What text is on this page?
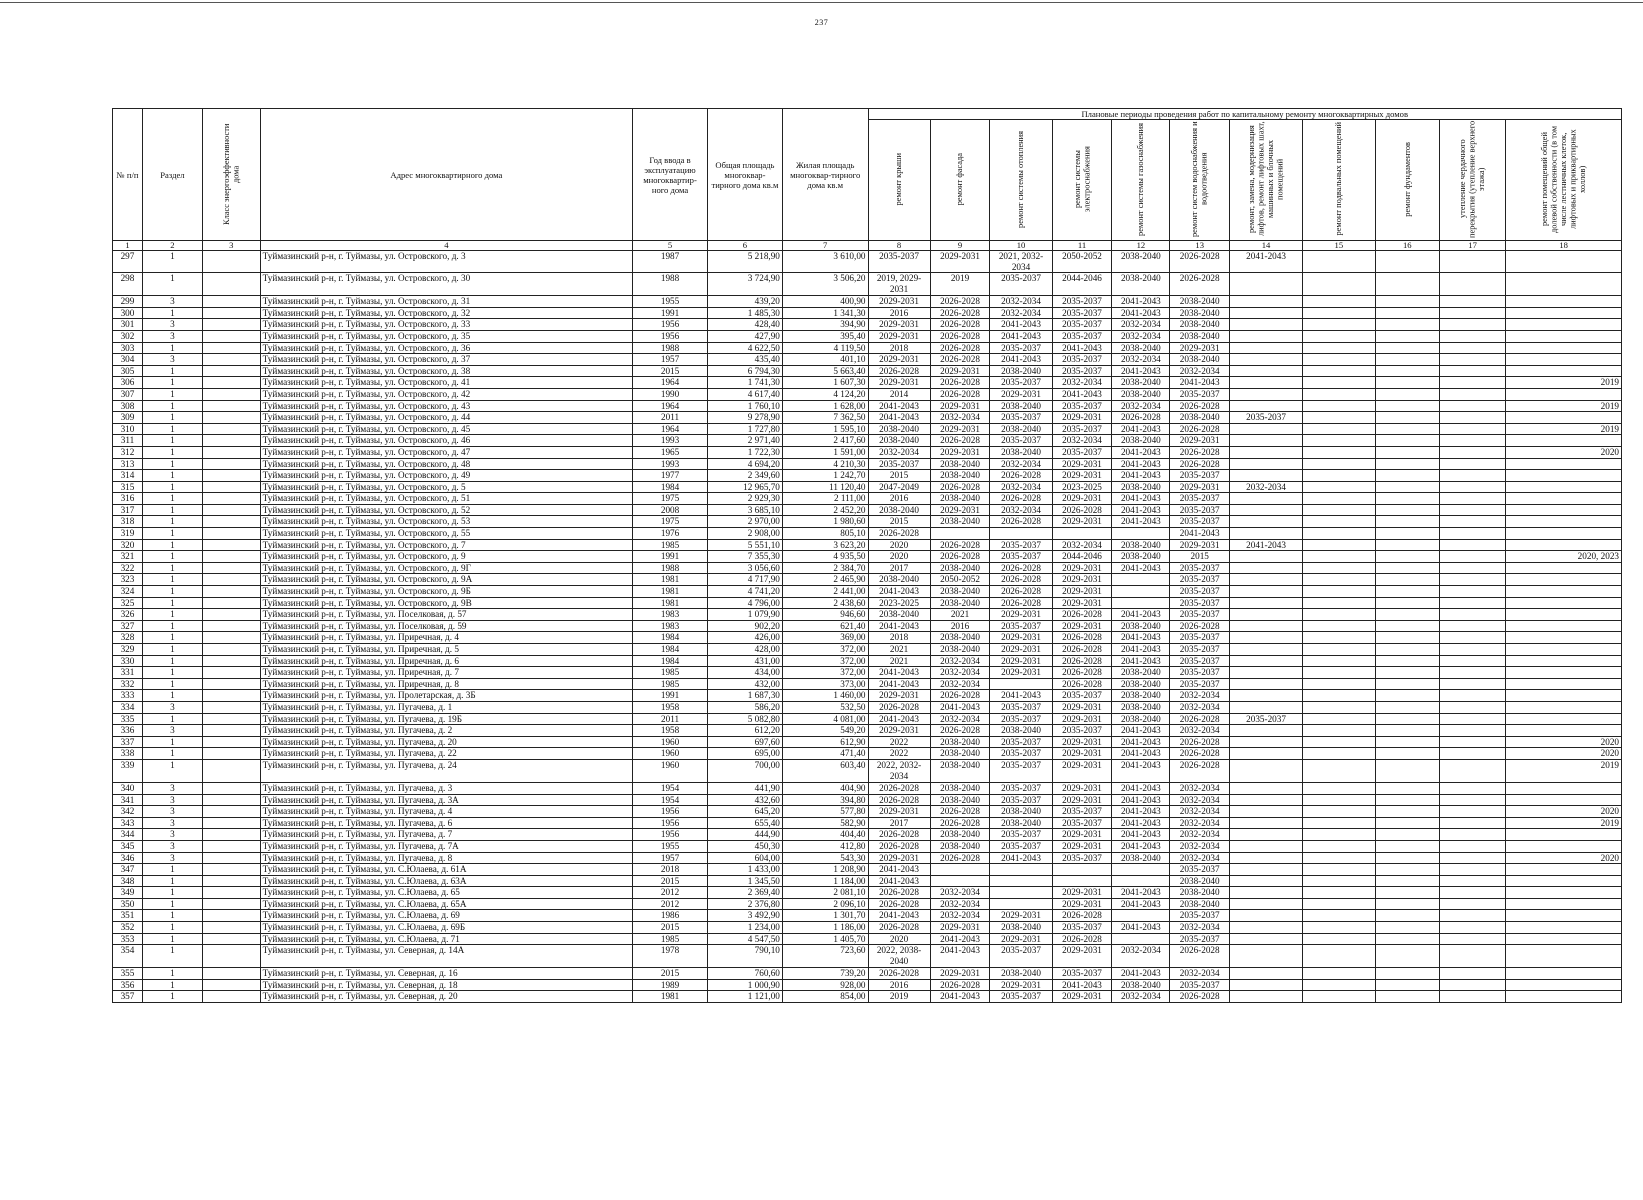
237
№ п/п	Раздел	Класс энергоэффективности дома	Адрес многоквартирного дома	Год ввода в эксплуатацию многоквартир-ного дома	Общая площадь многоквар-тирного дома кв.м	Жилая площадь многоквар-тирного дома кв.м	Плановые периоды проведения работ по капитальному ремонту многоквартирных домов										
							ремонт крыши	ремонт фасада	ремонт системы отопления	ремонт системы электроснабжения	ремонт системы газоснабжения	ремонт систем водоснабжения и водоотведения	ремонт, замена, модернизация лифтов, ремонт лифтовых шахт, машинных и блочных помещений	ремонт подвальных помещений	ремонт фундаментов	утепление чердачного перекрытия (утепление верхнего этажа)	ремонт помещений общей долевой собственности (в том числе лестничных клеток, лифтовых и приквартирных холлов)
1	2	3	4	5	6	7	8	9	10	11	12	13	14	15	16	17	18
297	1		Туймазинский р-н, г. Туймазы, ул. Островского, д. 3	1987	5 218,90	3 610,00	2035-2037	2029-2031	2021, 2032-2034	2050-2052	2038-2040	2026-2028	2041-2043				
298	1		Туймазинский р-н, г. Туймазы, ул. Островского, д. 30	1988	3 724,90	3 506,20	2019, 2029-2031	2019	2035-2037	2044-2046	2038-2040	2026-2028					
299	3		Туймазинский р-н, г. Туймазы, ул. Островского, д. 31	1955	439,20	400,90	2029-2031	2026-2028	2032-2034	2035-2037	2041-2043	2038-2040					
300	1		Туймазинский р-н, г. Туймазы, ул. Островского, д. 32	1991	1 485,30	1 341,30	2016	2026-2028	2032-2034	2035-2037	2041-2043	2038-2040					
301	3		Туймазинский р-н, г. Туймазы, ул. Островского, д. 33	1956	428,40	394,90	2029-2031	2026-2028	2041-2043	2035-2037	2032-2034	2038-2040					
302	3		Туймазинский р-н, г. Туймазы, ул. Островского, д. 35	1956	427,90	395,40	2029-2031	2026-2028	2041-2043	2035-2037	2032-2034	2038-2040					
303	1		Туймазинский р-н, г. Туймазы, ул. Островского, д. 36	1988	4 622,50	4 119,50	2018	2026-2028	2035-2037	2041-2043	2038-2040	2029-2031					
304	3		Туймазинский р-н, г. Туймазы, ул. Островского, д. 37	1957	435,40	401,10	2029-2031	2026-2028	2041-2043	2035-2037	2032-2034	2038-2040					
305	1		Туймазинский р-н, г. Туймазы, ул. Островского, д. 38	2015	6 794,30	5 663,40	2026-2028	2029-2031	2038-2040	2035-2037	2041-2043	2032-2034					
306	1		Туймазинский р-н, г. Туймазы, ул. Островского, д. 41	1964	1 741,30	1 607,30	2029-2031	2026-2028	2035-2037	2032-2034	2038-2040	2041-2043					2019
307	1		Туймазинский р-н, г. Туймазы, ул. Островского, д. 42	1990	4 617,40	4 124,20	2014	2026-2028	2029-2031	2041-2043	2038-2040	2035-2037					
308	1		Туймазинский р-н, г. Туймазы, ул. Островского, д. 43	1964	1 760,10	1 628,00	2041-2043	2029-2031	2038-2040	2035-2037	2032-2034	2026-2028					2019
309	1		Туймазинский р-н, г. Туймазы, ул. Островского, д. 44	2011	9 278,90	7 362,50	2041-2043	2032-2034	2035-2037	2029-2031	2026-2028	2038-2040	2035-2037				
310	1		Туймазинский р-н, г. Туймазы, ул. Островского, д. 45	1964	1 727,80	1 595,10	2038-2040	2029-2031	2038-2040	2035-2037	2041-2043	2026-2028					2019
311	1		Туймазинский р-н, г. Туймазы, ул. Островского, д. 46	1993	2 971,40	2 417,60	2038-2040	2026-2028	2035-2037	2032-2034	2038-2040	2029-2031					
312	1		Туймазинский р-н, г. Туймазы, ул. Островского, д. 47	1965	1 722,30	1 591,00	2032-2034	2029-2031	2038-2040	2035-2037	2041-2043	2026-2028					2020
313	1		Туймазинский р-н, г. Туймазы, ул. Островского, д. 48	1993	4 694,20	4 210,30	2035-2037	2038-2040	2032-2034	2029-2031	2041-2043	2026-2028					
314	1		Туймазинский р-н, г. Туймазы, ул. Островского, д. 49	1977	2 349,60	1 242,70	2015	2038-2040	2026-2028	2029-2031	2041-2043	2035-2037					
315	1		Туймазинский р-н, г. Туймазы, ул. Островского, д. 5	1984	12 965,70	11 120,40	2047-2049	2026-2028	2032-2034	2023-2025	2038-2040	2029-2031	2032-2034				
316	1		Туймазинский р-н, г. Туймазы, ул. Островского, д. 51	1975	2 929,30	2 111,00	2016	2038-2040	2026-2028	2029-2031	2041-2043	2035-2037					
317	1		Туймазинский р-н, г. Туймазы, ул. Островского, д. 52	2008	3 685,10	2 452,20	2038-2040	2029-2031	2032-2034	2026-2028	2041-2043	2035-2037					
318	1		Туймазинский р-н, г. Туймазы, ул. Островского, д. 53	1975	2 970,00	1 980,60	2015	2038-2040	2026-2028	2029-2031	2041-2043	2035-2037					
319	1		Туймазинский р-н, г. Туймазы, ул. Островского, д. 55	1976	2 908,00	805,10	2026-2028					2041-2043					
320	1		Туймазинский р-н, г. Туймазы, ул. Островского, д. 7	1985	5 551,10	3 623,20	2020	2026-2028	2035-2037	2032-2034	2038-2040	2029-2031	2041-2043				
321	1		Туймазинский р-н, г. Туймазы, ул. Островского, д. 9	1991	7 355,30	4 935,50	2020	2026-2028	2035-2037	2044-2046	2038-2040	2015					2020, 2023
322	1		Туймазинский р-н, г. Туймазы, ул. Островского, д. 9Г	1988	3 056,60	2 384,70	2017	2038-2040	2026-2028	2029-2031	2041-2043	2035-2037					
323	1		Туймазинский р-н, г. Туймазы, ул. Островского, д. 9А	1981	4 717,90	2 465,90	2038-2040	2050-2052	2026-2028	2029-2031		2035-2037					
324	1		Туймазинский р-н, г. Туймазы, ул. Островского, д. 9Б	1981	4 741,20	2 441,00	2041-2043	2038-2040	2026-2028	2029-2031		2035-2037					
325	1		Туймазинский р-н, г. Туймазы, ул. Островского, д. 9В	1981	4 796,00	2 438,60	2023-2025	2038-2040	2026-2028	2029-2031		2035-2037					
326	1		Туймазинский р-н, г. Туймазы, ул. Поселковая, д. 57	1983	1 079,90	946,60	2038-2040	2021	2029-2031	2026-2028	2041-2043	2035-2037					
327	1		Туймазинский р-н, г. Туймазы, ул. Поселковая, д. 59	1983	902,20	621,40	2041-2043	2016	2035-2037	2029-2031	2038-2040	2026-2028					
328	1		Туймазинский р-н, г. Туймазы, ул. Приречная, д. 4	1984	426,00	369,00	2018	2038-2040	2029-2031	2026-2028	2041-2043	2035-2037					
329	1		Туймазинский р-н, г. Туймазы, ул. Приречная, д. 5	1984	428,00	372,00	2021	2038-2040	2029-2031	2026-2028	2041-2043	2035-2037					
330	1		Туймазинский р-н, г. Туймазы, ул. Приречная, д. 6	1984	431,00	372,00	2021	2032-2034	2029-2031	2026-2028	2041-2043	2035-2037					
331	1		Туймазинский р-н, г. Туймазы, ул. Приречная, д. 7	1985	434,00	372,00	2041-2043	2032-2034	2029-2031	2026-2028	2038-2040	2035-2037					
332	1		Туймазинский р-н, г. Туймазы, ул. Приречная, д. 8	1985	432,00	373,00	2041-2043	2032-2034		2026-2028	2038-2040	2035-2037					
333	1		Туймазинский р-н, г. Туймазы, ул. Пролетарская, д. 3Б	1991	1 687,30	1 460,00	2029-2031	2026-2028	2041-2043	2035-2037	2038-2040	2032-2034					
334	3		Туймазинский р-н, г. Туймазы, ул. Пугачева, д. 1	1958	586,20	532,50	2026-2028	2041-2043	2035-2037	2029-2031	2038-2040	2032-2034					
335	1		Туймазинский р-н, г. Туймазы, ул. Пугачева, д. 19Б	2011	5 082,80	4 081,00	2041-2043	2032-2034	2035-2037	2029-2031	2038-2040	2026-2028	2035-2037				
336	3		Туймазинский р-н, г. Туймазы, ул. Пугачева, д. 2	1958	612,20	549,20	2029-2031	2026-2028	2038-2040	2035-2037	2041-2043	2032-2034					
337	1		Туймазинский р-н, г. Туймазы, ул. Пугачева, д. 20	1960	697,60	612,90	2022	2038-2040	2035-2037	2029-2031	2041-2043	2026-2028					2020
338	1		Туймазинский р-н, г. Туймазы, ул. Пугачева, д. 22	1960	695,00	471,40	2022	2038-2040	2035-2037	2029-2031	2041-2043	2026-2028					2020
339	1		Туймазинский р-н, г. Туймазы, ул. Пугачева, д. 24	1960	700,00	603,40	2022, 2032-2034	2038-2040	2035-2037	2029-2031	2041-2043	2026-2028					2019
340	3		Туймазинский р-н, г. Туймазы, ул. Пугачева, д. 3	1954	441,90	404,90	2026-2028	2038-2040	2035-2037	2029-2031	2041-2043	2032-2034					
341	3		Туймазинский р-н, г. Туймазы, ул. Пугачева, д. 3А	1954	432,60	394,80	2026-2028	2038-2040	2035-2037	2029-2031	2041-2043	2032-2034					
342	3		Туймазинский р-н, г. Туймазы, ул. Пугачева, д. 4	1956	645,20	577,80	2029-2031	2026-2028	2038-2040	2035-2037	2041-2043	2032-2034					2020
343	3		Туймазинский р-н, г. Туймазы, ул. Пугачева, д. 6	1956	655,40	582,90	2017	2026-2028	2038-2040	2035-2037	2041-2043	2032-2034					2019
344	3		Туймазинский р-н, г. Туймазы, ул. Пугачева, д. 7	1956	444,90	404,40	2026-2028	2038-2040	2035-2037	2029-2031	2041-2043	2032-2034					
345	3		Туймазинский р-н, г. Туймазы, ул. Пугачева, д. 7А	1955	450,30	412,80	2026-2028	2038-2040	2035-2037	2029-2031	2041-2043	2032-2034					
346	3		Туймазинский р-н, г. Туймазы, ул. Пугачева, д. 8	1957	604,00	543,30	2029-2031	2026-2028	2041-2043	2035-2037	2038-2040	2032-2034					2020
347	1		Туймазинский р-н, г. Туймазы, ул. С.Юлаева, д. 61А	2018	1 433,00	1 208,90	2041-2043					2035-2037					
348	1		Туймазинский р-н, г. Туймазы, ул. С.Юлаева, д. 63А	2015	1 345,50	1 184,00	2041-2043					2038-2040					
349	1		Туймазинский р-н, г. Туймазы, ул. С.Юлаева, д. 65	2012	2 369,40	2 081,10	2026-2028	2032-2034		2029-2031	2041-2043	2038-2040					
350	1		Туймазинский р-н, г. Туймазы, ул. С.Юлаева, д. 65А	2012	2 376,80	2 096,10	2026-2028	2032-2034		2029-2031	2041-2043	2038-2040					
351	1		Туймазинский р-н, г. Туймазы, ул. С.Юлаева, д. 69	1986	3 492,90	1 301,70	2041-2043	2032-2034	2029-2031	2026-2028		2035-2037					
352	1		Туймазинский р-н, г. Туймазы, ул. С.Юлаева, д. 69Б	2015	1 234,00	1 186,00	2026-2028	2029-2031	2038-2040	2035-2037	2041-2043	2032-2034					
353	1		Туймазинский р-н, г. Туймазы, ул. С.Юлаева, д. 71	1985	4 547,50	1 405,70	2020	2041-2043	2029-2031	2026-2028		2035-2037					
354	1		Туймазинский р-н, г. Туймазы, ул. Северная, д. 14А	1978	790,10	723,60	2022, 2038-2040	2041-2043	2035-2037	2029-2031	2032-2034	2026-2028					
355	1		Туймазинский р-н, г. Туймазы, ул. Северная, д. 16	2015	760,60	739,20	2026-2028	2029-2031	2038-2040	2035-2037	2041-2043	2032-2034					
356	1		Туймазинский р-н, г. Туймазы, ул. Северная, д. 18	1989	1 000,90	928,00	2016	2026-2028	2029-2031	2041-2043	2038-2040	2035-2037					
357	1		Туймазинский р-н, г. Туймазы, ул. Северная, д. 20	1981	1 121,00	854,00	2019	2041-2043	2035-2037	2029-2031	2032-2034	2026-2028					
